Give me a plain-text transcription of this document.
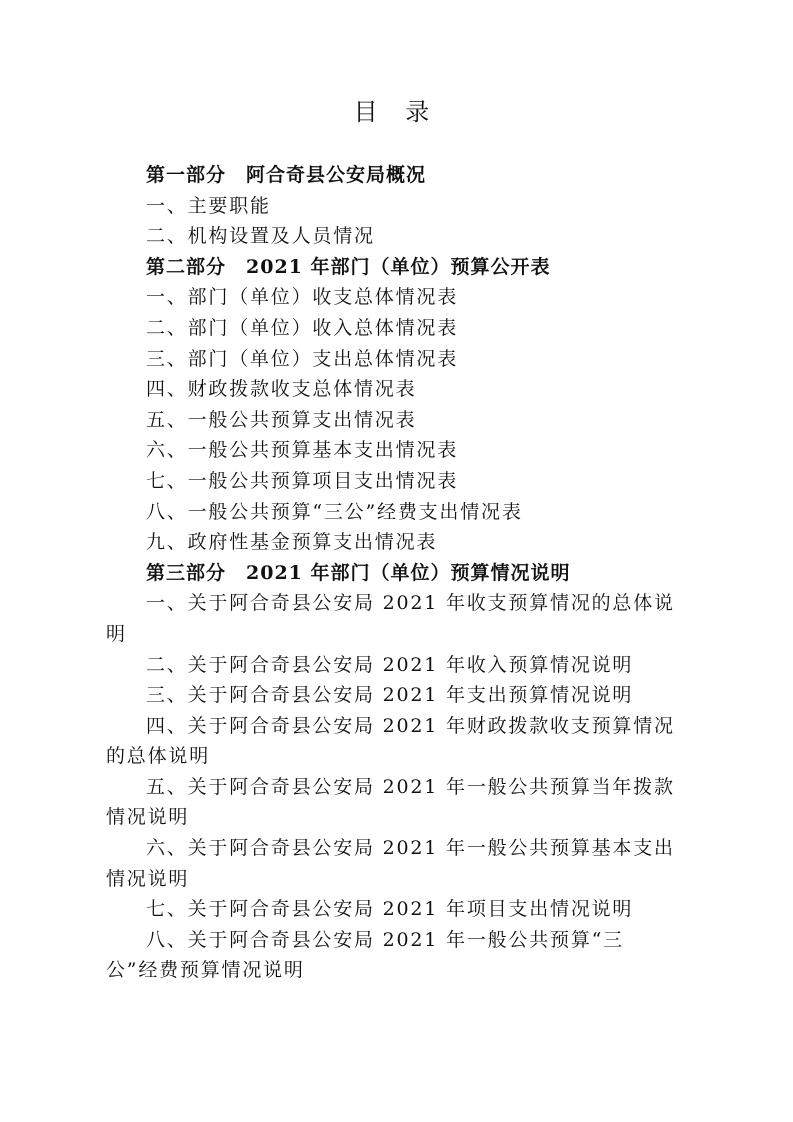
目 录
第一部分　阿合奇县公安局概况
一、主要职能
二、机构设置及人员情况
第二部分　2021 年部门（单位）预算公开表
一、部门（单位）收支总体情况表
二、部门（单位）收入总体情况表
三、部门（单位）支出总体情况表
四、财政拨款收支总体情况表
五、一般公共预算支出情况表
六、一般公共预算基本支出情况表
七、一般公共预算项目支出情况表
八、一般公共预算“三公”经费支出情况表
九、政府性基金预算支出情况表
第三部分　2021 年部门（单位）预算情况说明
一、关于阿合奇县公安局 2021 年收支预算情况的总体说明
二、关于阿合奇县公安局 2021 年收入预算情况说明
三、关于阿合奇县公安局 2021 年支出预算情况说明
四、关于阿合奇县公安局 2021 年财政拨款收支预算情况的总体说明
五、关于阿合奇县公安局 2021 年一般公共预算当年拨款情况说明
六、关于阿合奇县公安局 2021 年一般公共预算基本支出情况说明
七、关于阿合奇县公安局 2021 年项目支出情况说明
八、关于阿合奇县公安局 2021 年一般公共预算“三公”经费预算情况说明
